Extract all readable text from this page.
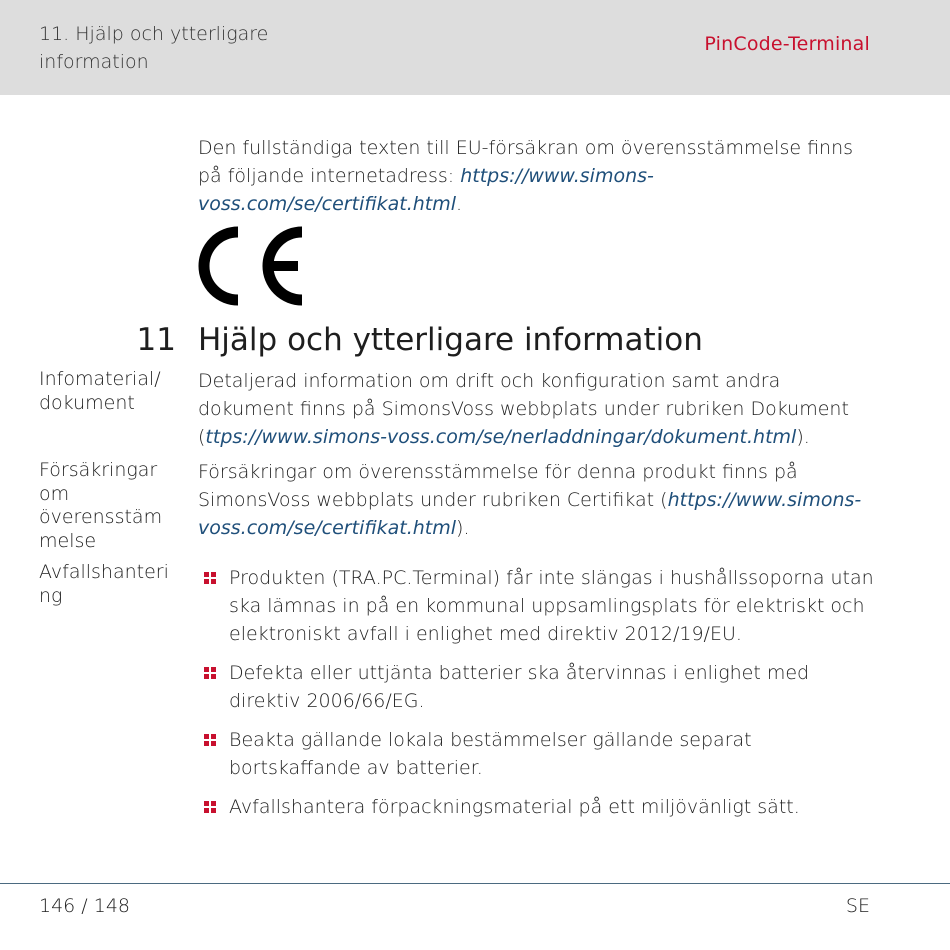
11. Hjälp och ytterligare information
PinCode-Terminal

Den fullständiga texten till EU-försäkran om överensstämmelse finns på följande internetadress: https://www.simons-voss.com/se/certifikat.html.

11 Hjälp och ytterligare information
Infomaterial/ dokument

Detaljerad information om drift och konfiguration samt andra dokument finns på SimonsVoss webbplats under rubriken Dokument (ttps://www.simons-voss.com/se/nerladdningar/dokument.html).

Försäkringar om överensstäm melse

Försäkringar om överensstämmelse för denna produkt finns på SimonsVoss webbplats under rubriken Certifikat (https://www.simons-voss.com/se/certifikat.html).

Avfallshanteri ng
Produkten (TRA.PC.Terminal) får inte slängas i hushållssoporna utan ska lämnas in på en kommunal uppsamlingsplats för elektriskt och elektroniskt avfall i enlighet med direktiv 2012/19/EU.
Defekta eller uttjänta batterier ska återvinnas i enlighet med direktiv 2006/66/EG.
Beakta gällande lokala bestämmelser gällande separat bortskaffande av batterier.
Avfallshantera förpackningsmaterial på ett miljövänligt sätt.
146 / 148	SE
